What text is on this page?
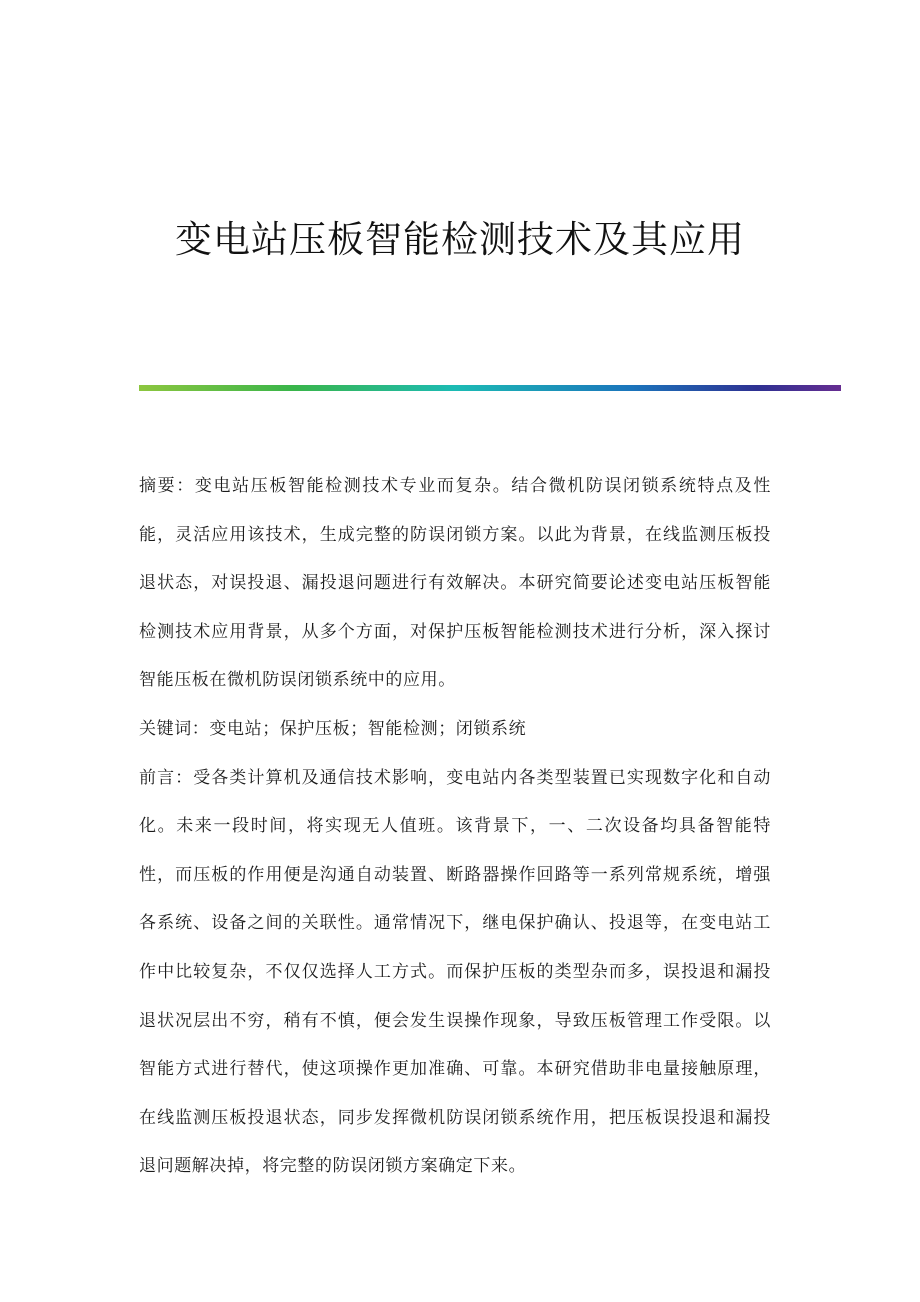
变电站压板智能检测技术及其应用

摘要：变电站压板智能检测技术专业而复杂。结合微机防误闭锁系统特点及性能，灵活应用该技术，生成完整的防误闭锁方案。以此为背景，在线监测压板投退状态，对误投退、漏投退问题进行有效解决。本研究简要论述变电站压板智能检测技术应用背景，从多个方面，对保护压板智能检测技术进行分析，深入探讨智能压板在微机防误闭锁系统中的应用。

关键词：变电站；保护压板；智能检测；闭锁系统

前言：受各类计算机及通信技术影响，变电站内各类型装置已实现数字化和自动化。未来一段时间，将实现无人值班。该背景下，一、二次设备均具备智能特性，而压板的作用便是沟通自动装置、断路器操作回路等一系列常规系统，增强各系统、设备之间的关联性。通常情况下，继电保护确认、投退等，在变电站工作中比较复杂，不仅仅选择人工方式。而保护压板的类型杂而多，误投退和漏投退状况层出不穷，稍有不慎，便会发生误操作现象，导致压板管理工作受限。以智能方式进行替代，使这项操作更加准确、可靠。本研究借助非电量接触原理，在线监测压板投退状态，同步发挥微机防误闭锁系统作用，把压板误投退和漏投退问题解决掉，将完整的防误闭锁方案确定下来。
